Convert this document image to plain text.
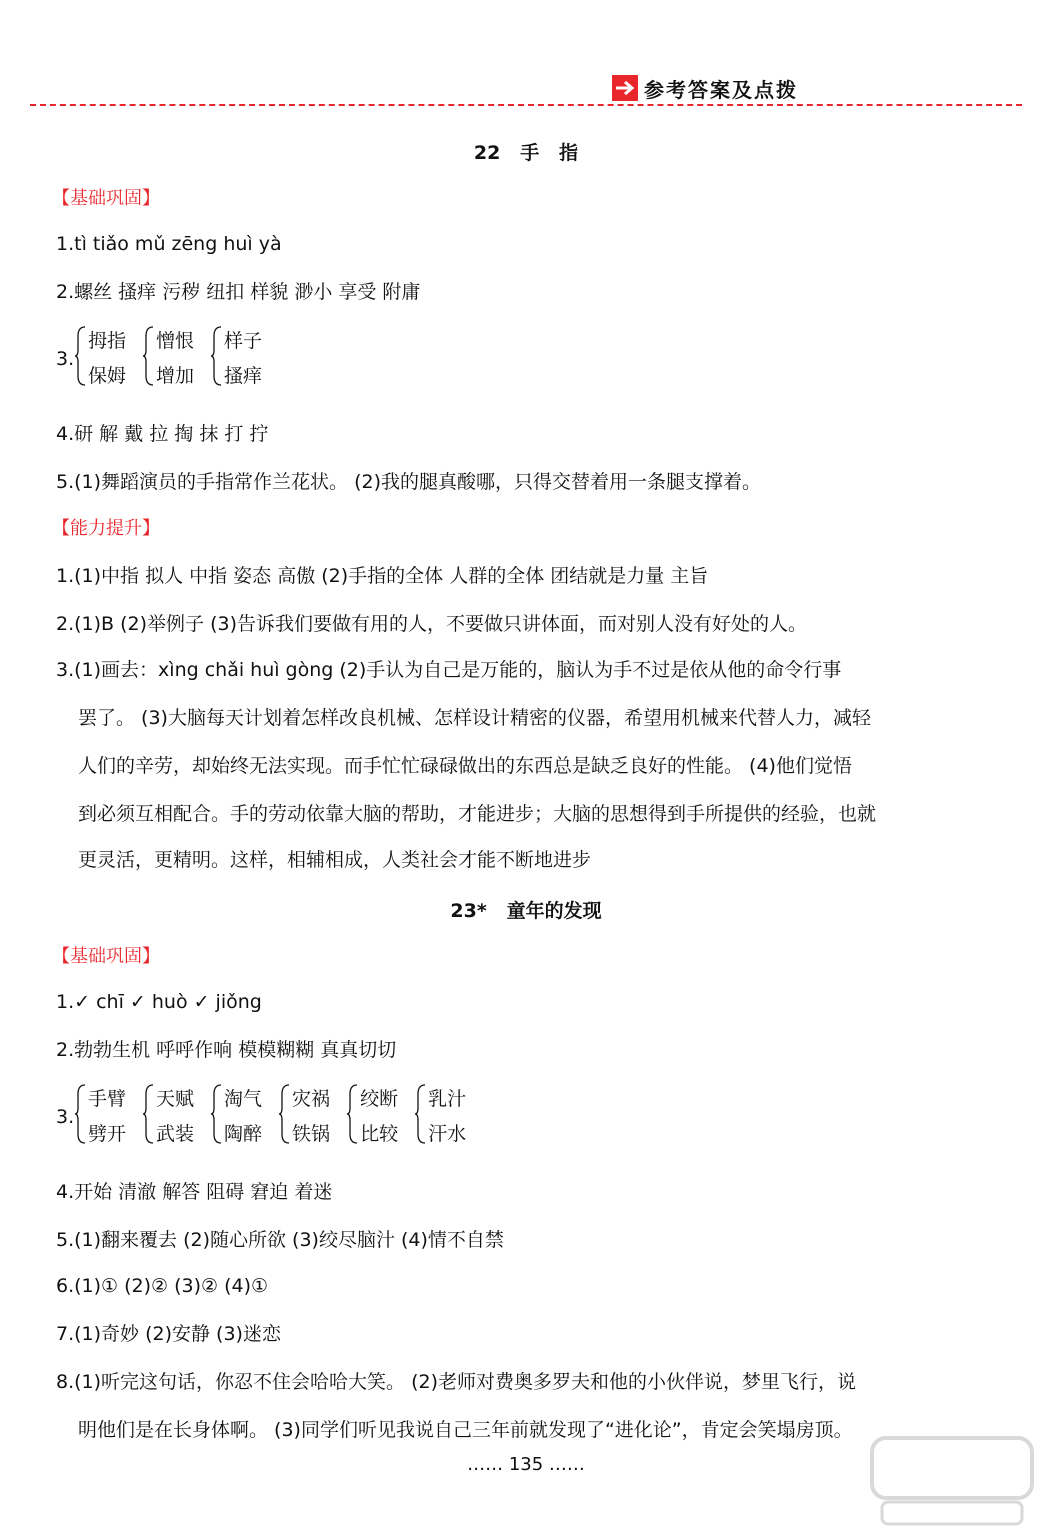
参考答案及点拨
22   手   指
【基础巩固】
1.tì tiǎo mǔ zēng huì yà
2.螺丝 搔痒 污秽 纽扣 样貌 渺小 享受 附庸
3.
拇指
保姆
憎恨
增加
样子
搔痒
4.研 解 戴 拉 掏 抹 打 拧
5.(1)舞蹈演员的手指常作兰花状。 (2)我的腿真酸哪，只得交替着用一条腿支撑着。
【能力提升】
1.(1)中指 拟人 中指 姿态 高傲 (2)手指的全体 人群的全体 团结就是力量 主旨
2.(1)B (2)举例子 (3)告诉我们要做有用的人，不要做只讲体面，而对别人没有好处的人。
3.(1)画去：xìng chǎi huì gòng (2)手认为自己是万能的，脑认为手不过是依从他的命令行事
罢了。 (3)大脑每天计划着怎样改良机械、怎样设计精密的仪器，希望用机械来代替人力，减轻
人们的辛劳，却始终无法实现。而手忙忙碌碌做出的东西总是缺乏良好的性能。 (4)他们觉悟
到必须互相配合。手的劳动依靠大脑的帮助，才能进步；大脑的思想得到手所提供的经验，也就
更灵活，更精明。这样，相辅相成，人类社会才能不断地进步
23*   童年的发现
【基础巩固】
1.✓ chī ✓ huò ✓ jiǒng
2.勃勃生机 呼呼作响 模模糊糊 真真切切
3.
手臂
劈开
天赋
武装
淘气
陶醉
灾祸
铁锅
绞断
比较
乳汁
汗水
4.开始 清澈 解答 阻碍 窘迫 着迷
5.(1)翻来覆去 (2)随心所欲 (3)绞尽脑汁 (4)情不自禁
6.(1)① (2)② (3)② (4)①
7.(1)奇妙 (2)安静 (3)迷恋
8.(1)听完这句话，你忍不住会哈哈大笑。 (2)老师对费奥多罗夫和他的小伙伴说，梦里飞行，说
明他们是在长身体啊。 (3)同学们听见我说自己三年前就发现了“进化论”，肯定会笑塌房顶。
…… 135 ……
